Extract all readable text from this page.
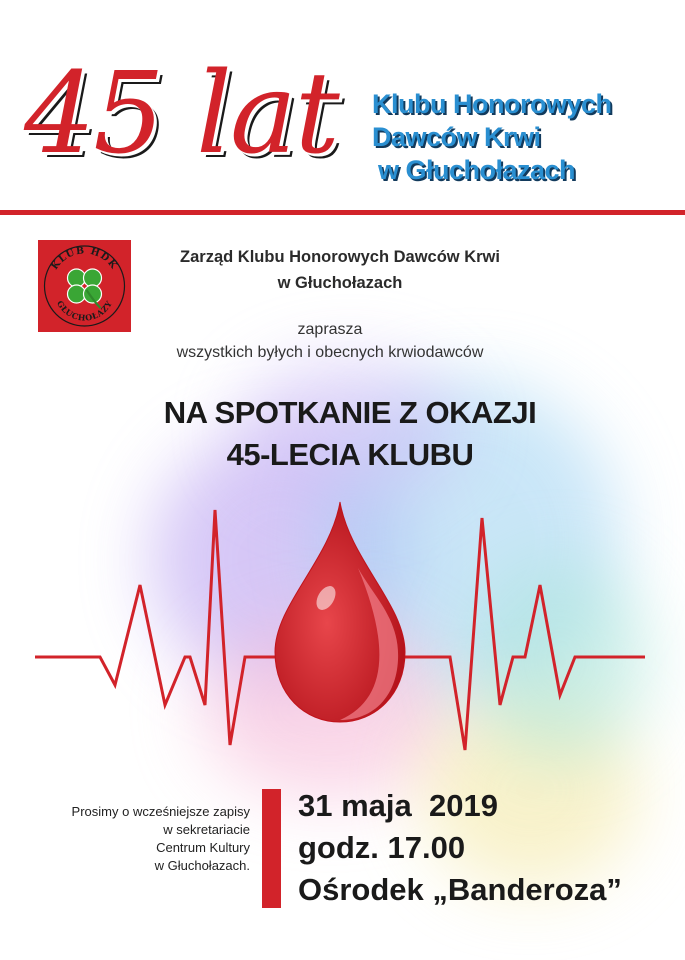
45 lat Klubu Honorowych
Dawców Krwi
w Głuchołazach
KLUB HDK
GŁUCHOŁAZY
Zarząd Klubu Honorowych Dawców Krwi
w Głuchołazach
zaprasza
wszystkich byłych i obecnych krwiodawców
NA SPOTKANIE Z OKAZJI
45-LECIA KLUBU
Prosimy o wcześniejsze zapisy
w sekretariacie
Centrum Kultury
w Głuchołazach.
31 maja  2019
godz. 17.00
Ośrodek „Banderoza”
